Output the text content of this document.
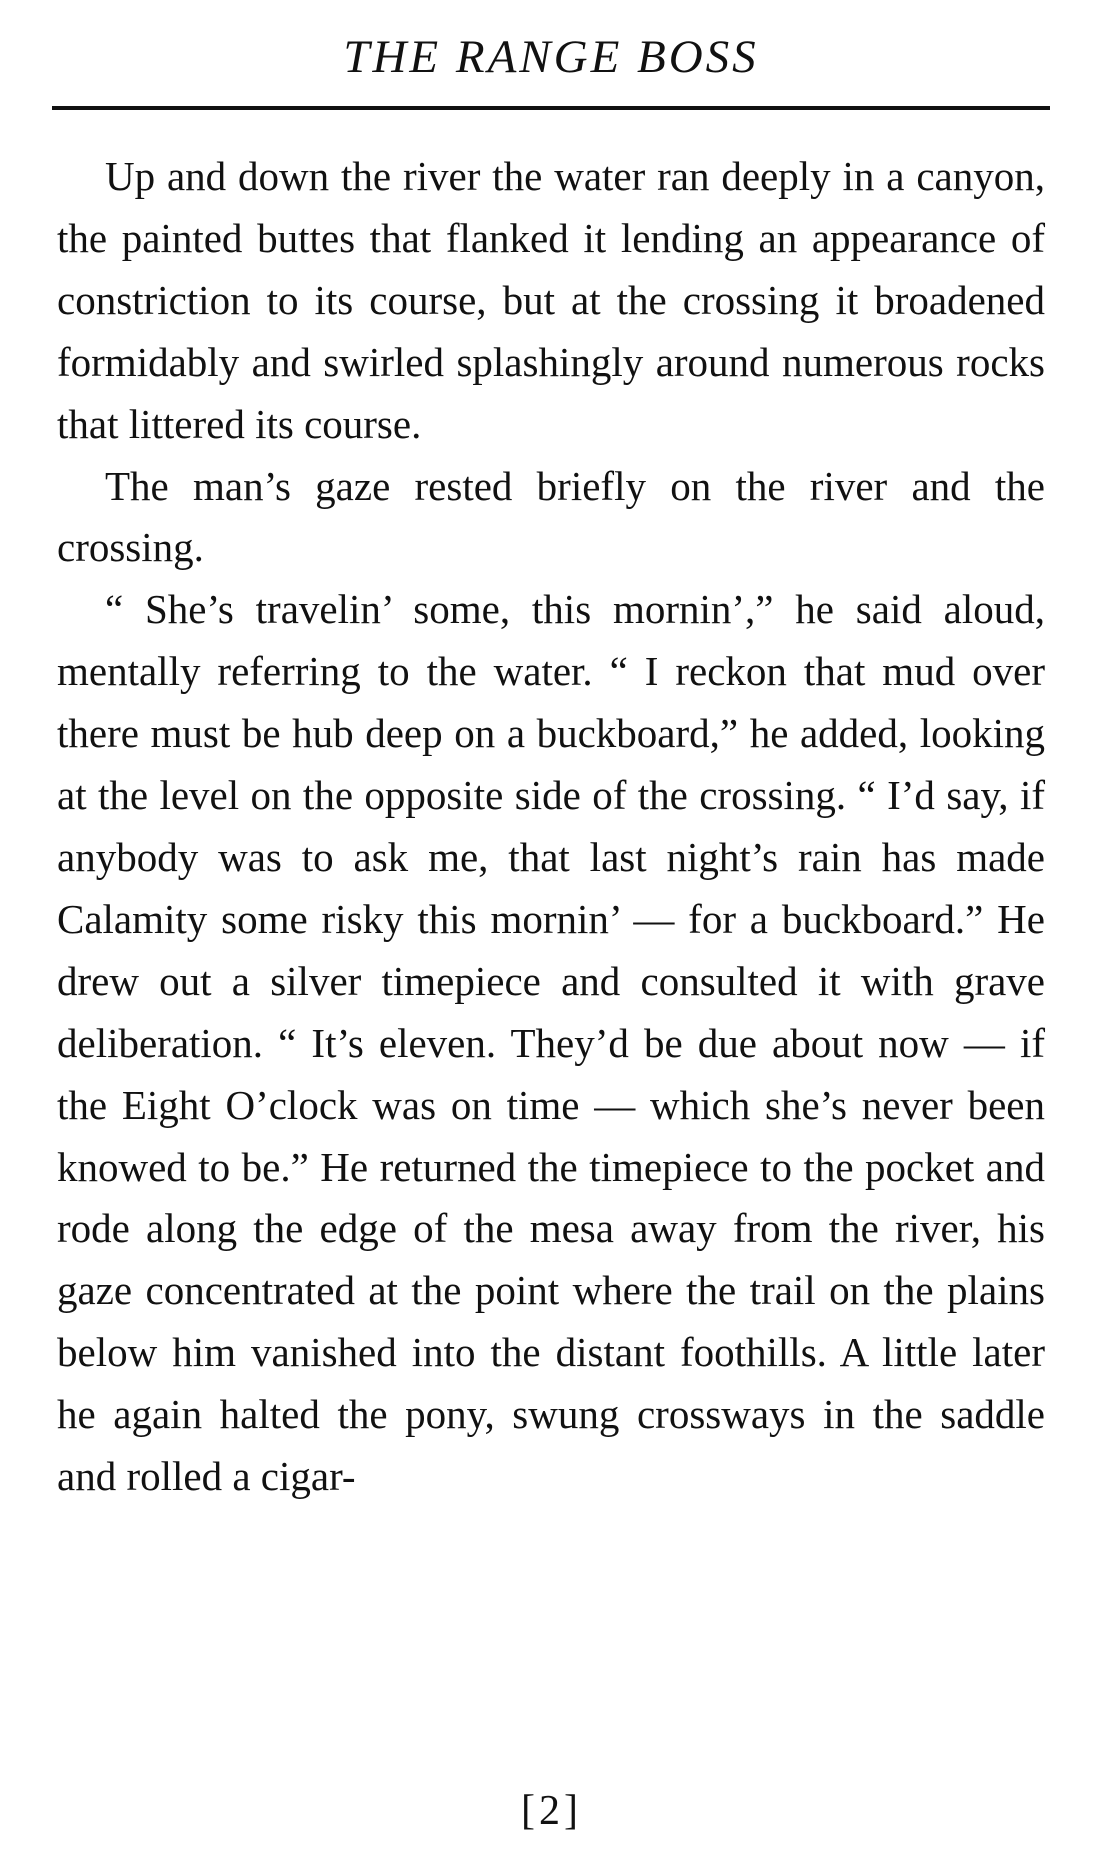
THE RANGE BOSS

Up and down the river the water ran deeply in a canyon, the painted buttes that flanked it lending an appearance of constriction to its course, but at the crossing it broadened formidably and swirled splashingly around numerous rocks that littered its course.

The man’s gaze rested briefly on the river and the crossing.

“ She’s travelin’ some, this mornin’,” he said aloud, mentally referring to the water. “ I reckon that mud over there must be hub deep on a buckboard,” he added, looking at the level on the opposite side of the crossing. “ I’d say, if anybody was to ask me, that last night’s rain has made Calamity some risky this mornin’ — for a buckboard.” He drew out a silver timepiece and consulted it with grave deliberation. “ It’s eleven. They’d be due about now — if the Eight O’clock was on time — which she’s never been knowed to be.” He returned the timepiece to the pocket and rode along the edge of the mesa away from the river, his gaze concentrated at the point where the trail on the plains below him vanished into the distant foothills. A little later he again halted the pony, swung crossways in the saddle and rolled a cigar-

[2]
